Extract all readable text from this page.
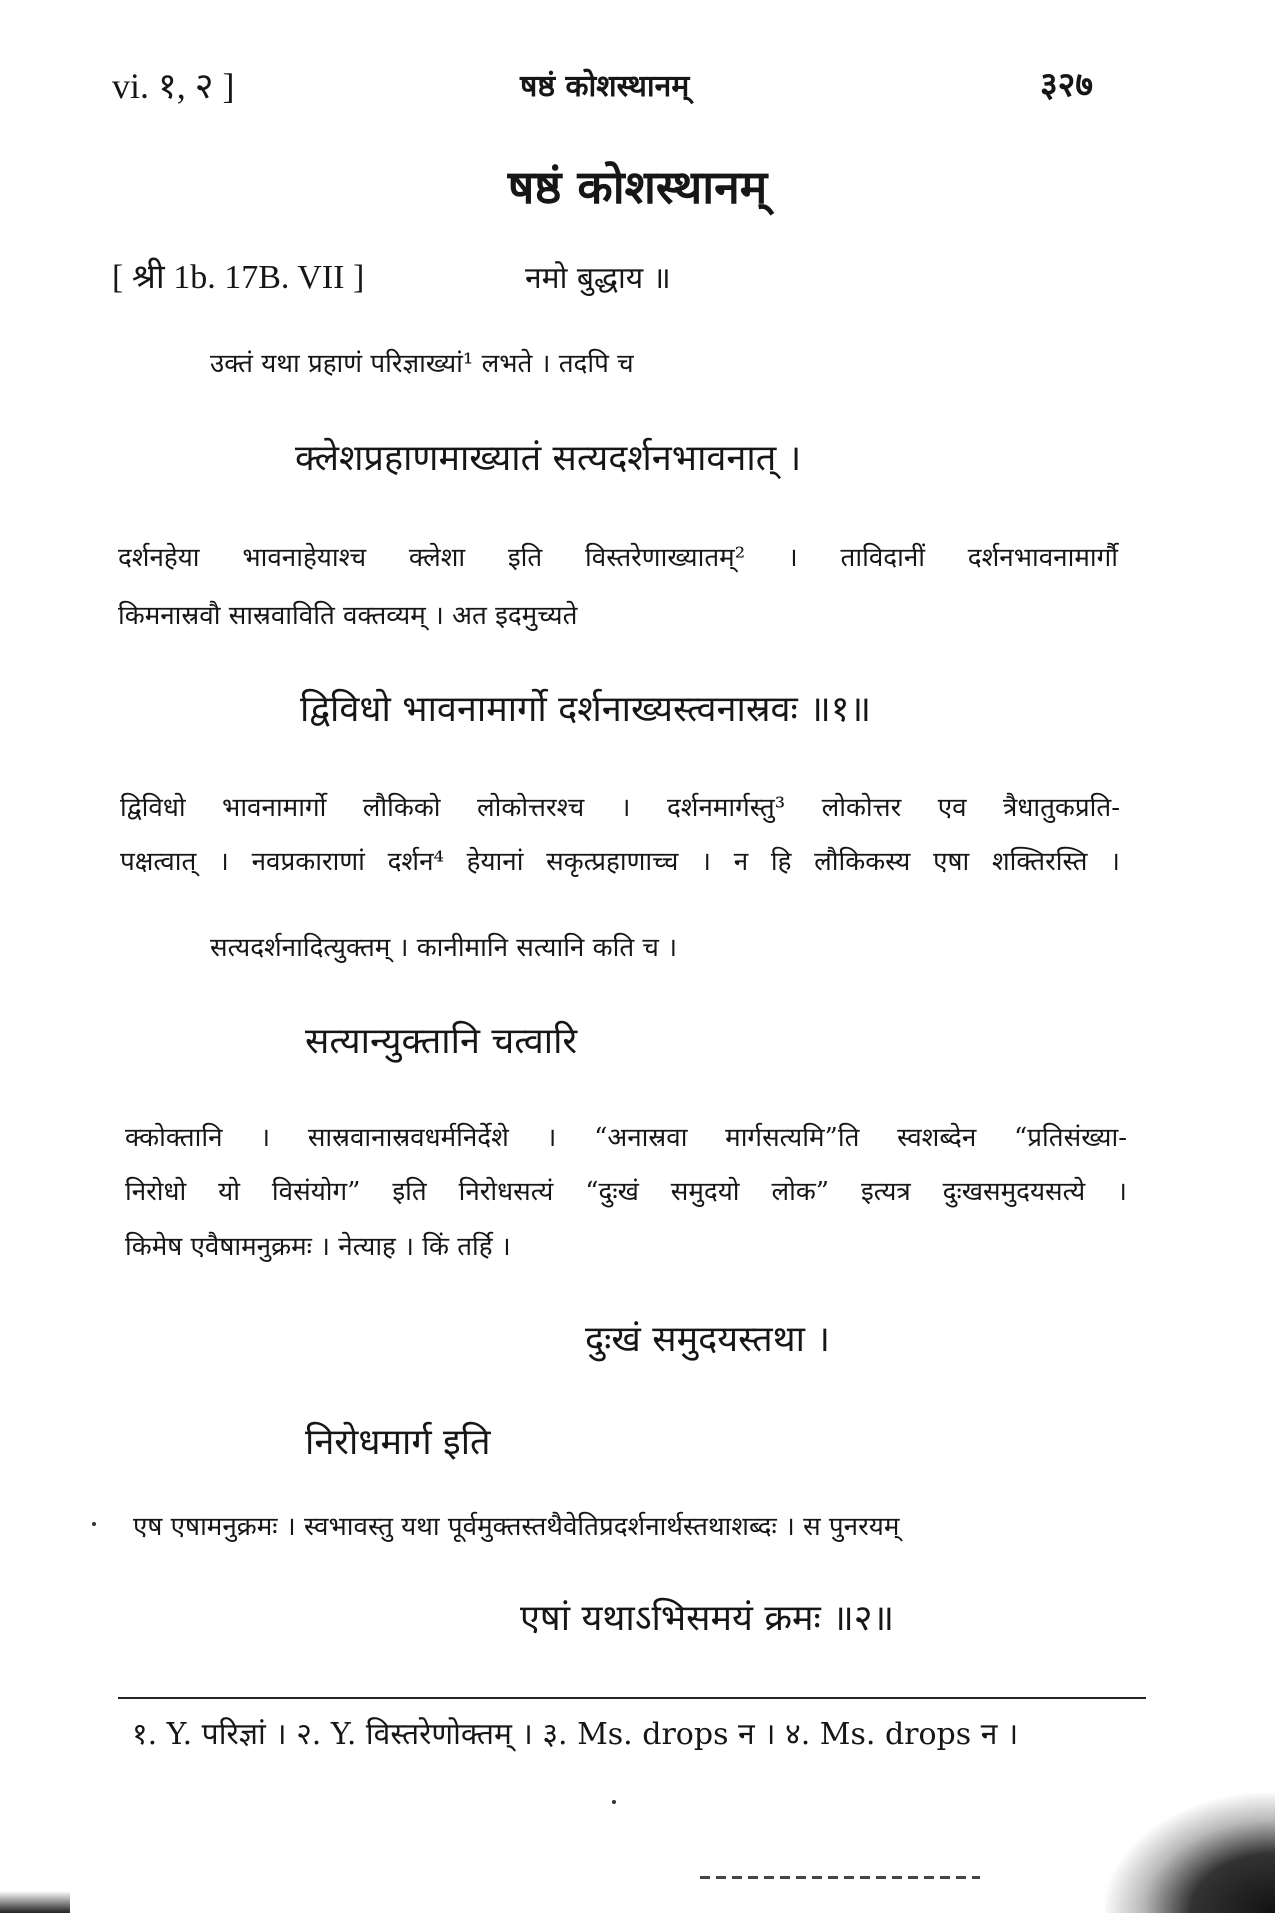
vi. १, २ ]	षष्ठं कोशस्थानम्	३२७
षष्ठं कोशस्थानम्
[ श्री 1b. 17B. VII ]	नमो बुद्धाय ॥
उक्तं यथा प्रहाणं परिज्ञाख्यां¹ लभते । तदपि च
क्लेशप्रहाणमाख्यातं सत्यदर्शनभावनात् ।
दर्शनहेया भावनाहेयाश्च क्लेशा इति विस्तरेणाख्यातम्² । ताविदानीं दर्शनभावनामार्गौ
किमनास्रवौ सास्रवाविति वक्तव्यम् । अत इदमुच्यते
द्विविधो भावनामार्गो दर्शनाख्यस्त्वनास्रवः ॥१॥
द्विविधो भावनामार्गो लौकिको लोकोत्तरश्च । दर्शनमार्गस्तु³ लोकोत्तर एव त्रैधातुकप्रति-
पक्षत्वात् । नवप्रकाराणां दर्शन⁴ हेयानां सकृत्प्रहाणाच्च । न हि लौकिकस्य एषा शक्तिरस्ति ।
सत्यदर्शनादित्युक्तम् । कानीमानि सत्यानि कति च ।
सत्यान्युक्तानि चत्वारि
क्कोक्तानि । सास्रवानास्रवधर्मनिर्देशे । “अनास्रवा मार्गसत्यमि”ति स्वशब्देन “प्रतिसंख्या-
निरोधो यो विसंयोग” इति निरोधसत्यं “दुःखं समुदयो लोक” इत्यत्र दुःखसमुदयसत्ये ।
किमेष एवैषामनुक्रमः । नेत्याह । किं तर्हि ।
दुःखं समुदयस्तथा ।
निरोधमार्ग इति
एष एषामनुक्रमः । स्वभावस्तु यथा पूर्वमुक्तस्तथैवेतिप्रदर्शनार्थस्तथाशब्दः । स पुनरयम्
एषां यथाऽभिसमयं क्रमः ॥२॥
१. Y. परिज्ञां । २. Y. विस्तरेणोक्तम् । ३. Ms. drops न । ४. Ms. drops न ।
